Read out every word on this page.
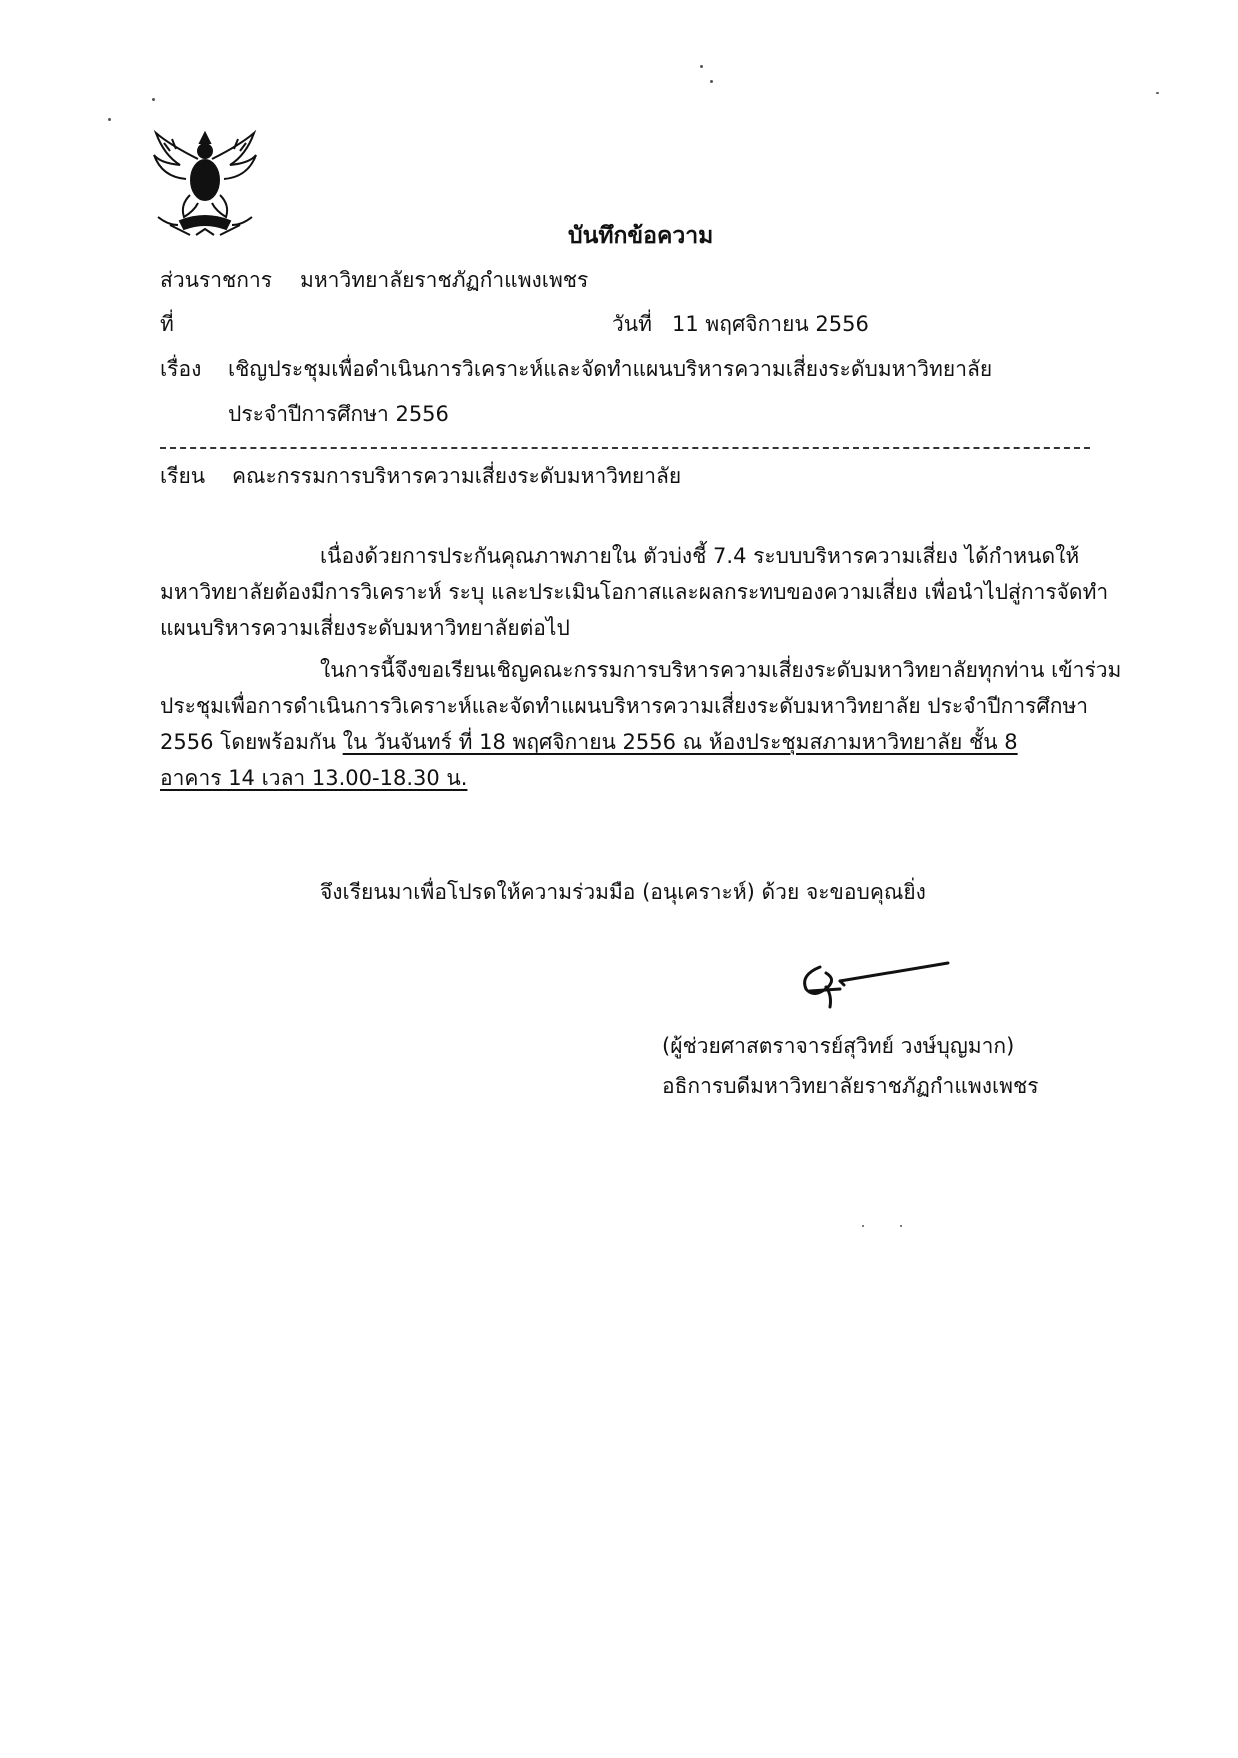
บันทึกข้อความ
ส่วนราชการ มหาวิทยาลัยราชภัฏกำแพงเพชร
ที่	วันที่ 11 พฤศจิกายน 2556
เรื่อง เชิญประชุมเพื่อดำเนินการวิเคราะห์และจัดทำแผนบริหารความเสี่ยงระดับมหาวิทยาลัย
ประจำปีการศึกษา 2556
เรียน คณะกรรมการบริหารความเสี่ยงระดับมหาวิทยาลัย
เนื่องด้วยการประกันคุณภาพภายใน ตัวบ่งชี้ 7.4 ระบบบริหารความเสี่ยง ได้กำหนดให้
มหาวิทยาลัยต้องมีการวิเคราะห์ ระบุ และประเมินโอกาสและผลกระทบของความเสี่ยง เพื่อนำไปสู่การจัดทำ
แผนบริหารความเสี่ยงระดับมหาวิทยาลัยต่อไป
ในการนี้จึงขอเรียนเชิญคณะกรรมการบริหารความเสี่ยงระดับมหาวิทยาลัยทุกท่าน เข้าร่วม
ประชุมเพื่อการดำเนินการวิเคราะห์และจัดทำแผนบริหารความเสี่ยงระดับมหาวิทยาลัย ประจำปีการศึกษา
2556 โดยพร้อมกัน ใน วันจันทร์ ที่ 18 พฤศจิกายน 2556 ณ ห้องประชุมสภามหาวิทยาลัย ชั้น 8
อาคาร 14 เวลา 13.00-18.30 น.
จึงเรียนมาเพื่อโปรดให้ความร่วมมือ (อนุเคราะห์) ด้วย จะขอบคุณยิ่ง
(ผู้ช่วยศาสตราจารย์สุวิทย์ วงษ์บุญมาก)
อธิการบดีมหาวิทยาลัยราชภัฏกำแพงเพชร
